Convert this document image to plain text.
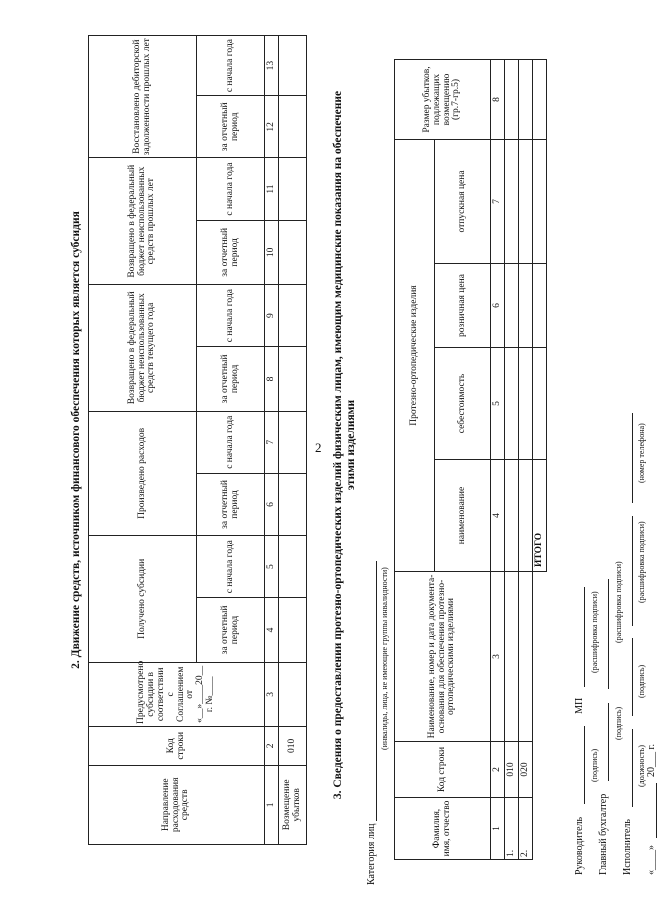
2
2. Движение средств, источником финансового обеспечения которых является субсидия
Направление расходования средств	Код строки	Предусмотрено субсидии в соответствии с Соглашением от «__»____20__ г. №____	Получено субсидии		Произведено расходов		Возвращено в федеральный бюджет неиспользованных средств текущего года		Возвращено в федеральный бюджет неиспользованных средств прошлых лет		Восстановлено дебиторской задолженности прошлых лет	
			за отчетный период	с начала года	за отчетный период	с начала года	за отчетный период	с начала года	за отчетный период	с начала года	за отчетный период	с начала года
1	2	3	4	5	6	7	8	9	10	11	12	13
Возмещение убытков	010												3. Сведения о предоставлении протезно-ортопедических изделий физическим лицам, имеющим медицинские показания на обеспечение этими изделиями
Категория лиц
(инвалиды, лица, не имеющие группы инвалидности)
Фамилия, имя, отчество	Код строки	Наименование, номер и дата документа-основания для обеспечения протезно-ортопедическими изделиями	Протезно-ортопедические изделия				Размер убытков, подлежащих возмещению (гр.7-гр.5)
			наименование	себестоимость	розничная цена	отпускная цена	
1	2	3	4	5	6	7	8
1.	010						
2.	020						
			ИТОГО				
Руководитель  МП
(подпись)
(расшифровка подписи)
Главный бухгалтер
(подпись)
(расшифровка подписи)
Исполнитель
(должность)
(подпись)
(расшифровка подписи)
(номер телефона)
«____»  20___ г.
